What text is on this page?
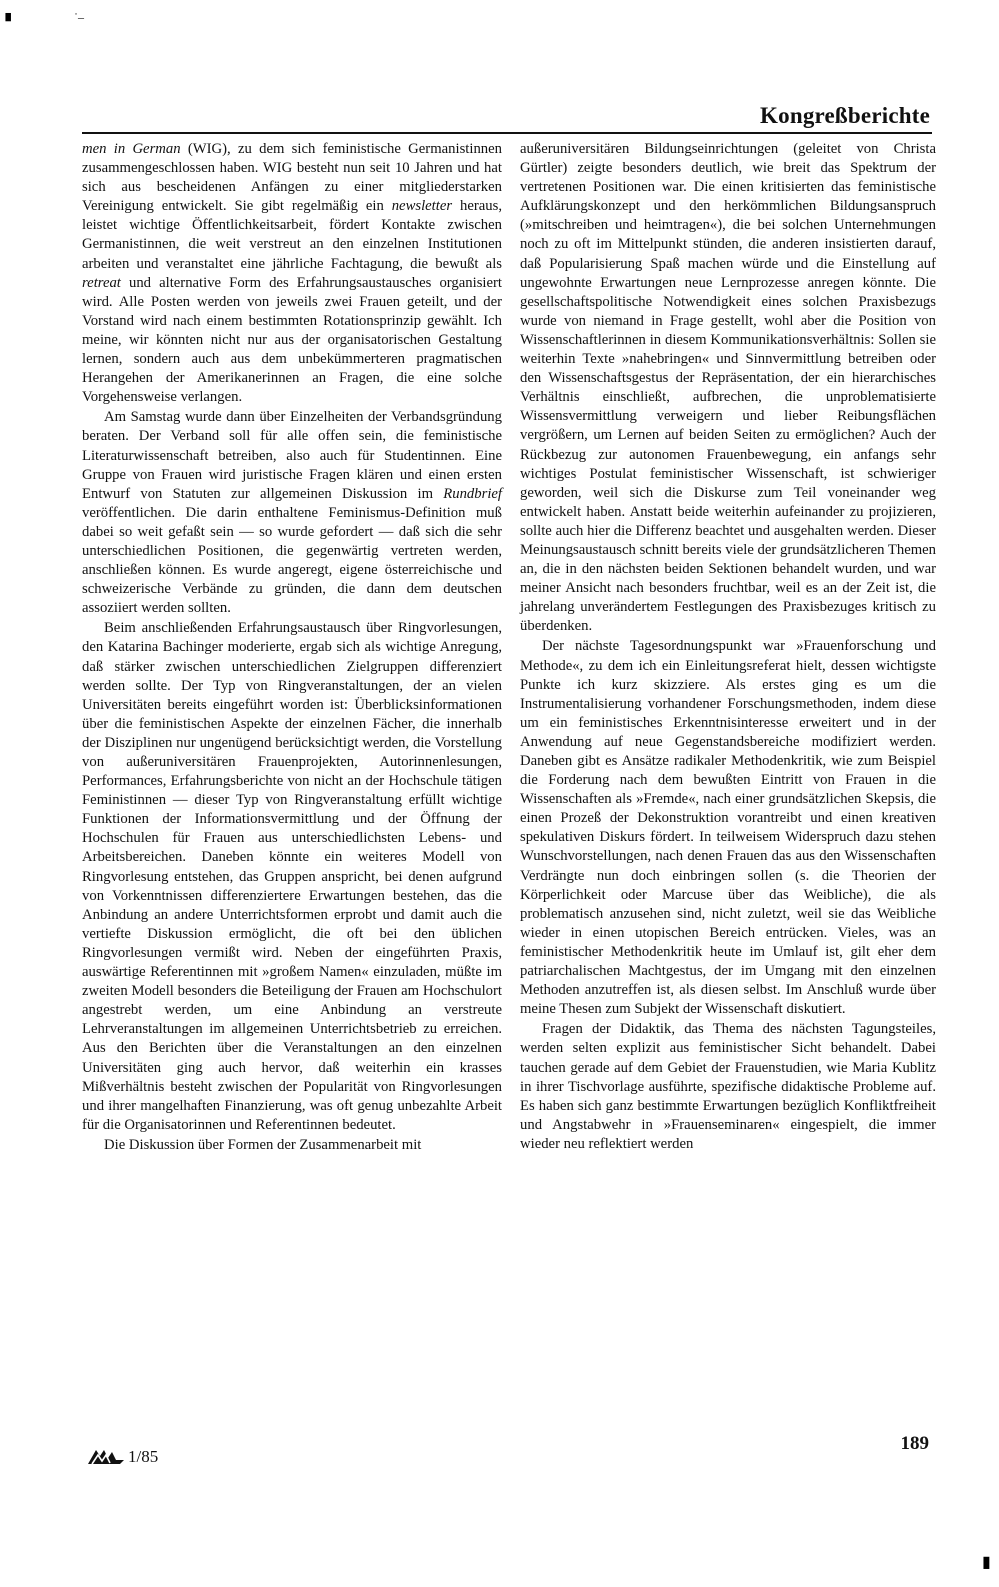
▝	˙–
Kongreßberichte

men in German (WIG), zu dem sich feministische Germanistinnen zusammengeschlossen haben. WIG besteht nun seit 10 Jahren und hat sich aus bescheidenen Anfängen zu einer mitgliederstarken Vereinigung entwickelt. Sie gibt regelmäßig ein newsletter heraus, leistet wichtige Öffentlichkeitsarbeit, fördert Kontakte zwischen Germanistinnen, die weit verstreut an den einzelnen Institutionen arbeiten und veranstaltet eine jährliche Fachtagung, die bewußt als retreat und alternative Form des Erfahrungsaustausches organisiert wird. Alle Posten werden von jeweils zwei Frauen geteilt, und der Vorstand wird nach einem bestimmten Rotationsprinzip gewählt. Ich meine, wir könnten nicht nur aus der organisatorischen Gestaltung lernen, sondern auch aus dem unbekümmerteren pragmatischen Herangehen der Amerikanerinnen an Fragen, die eine solche Vorgehensweise verlangen.

Am Samstag wurde dann über Einzelheiten der Verbandsgründung beraten. Der Verband soll für alle offen sein, die feministische Literaturwissenschaft betreiben, also auch für Studentinnen. Eine Gruppe von Frauen wird juristische Fragen klären und einen ersten Entwurf von Statuten zur allgemeinen Diskussion im Rundbrief veröffentlichen. Die darin enthaltene Feminismus-Definition muß dabei so weit gefaßt sein — so wurde gefordert — daß sich die sehr unterschiedlichen Positionen, die gegenwärtig vertreten werden, anschließen können. Es wurde angeregt, eigene österreichische und schweizerische Verbände zu gründen, die dann dem deutschen assoziiert werden sollten.

Beim anschließenden Erfahrungsaustausch über Ringvorlesungen, den Katarina Bachinger moderierte, ergab sich als wichtige Anregung, daß stärker zwischen unterschiedlichen Zielgruppen differenziert werden sollte. Der Typ von Ringveranstaltungen, der an vielen Universitäten bereits eingeführt worden ist: Überblicksinformationen über die feministischen Aspekte der einzelnen Fächer, die innerhalb der Disziplinen nur ungenügend berücksichtigt werden, die Vorstellung von außeruniversitären Frauenprojekten, Autorinnenlesungen, Performances, Erfahrungsberichte von nicht an der Hochschule tätigen Feministinnen — dieser Typ von Ringveranstaltung erfüllt wichtige Funktionen der Informationsvermittlung und der Öffnung der Hochschulen für Frauen aus unterschiedlichsten Lebens- und Arbeitsbereichen. Daneben könnte ein weiteres Modell von Ringvorlesung entstehen, das Gruppen anspricht, bei denen aufgrund von Vorkenntnissen differenziertere Erwartungen bestehen, das die Anbindung an andere Unterrichtsformen erprobt und damit auch die vertiefte Diskussion ermöglicht, die oft bei den üblichen Ringvorlesungen vermißt wird. Neben der eingeführten Praxis, auswärtige Referentinnen mit »großem Namen« einzuladen, müßte im zweiten Modell besonders die Beteiligung der Frauen am Hochschulort angestrebt werden, um eine Anbindung an verstreute Lehrveranstaltungen im allgemeinen Unterrichtsbetrieb zu erreichen. Aus den Berichten über die Veranstaltungen an den einzelnen Universitäten ging auch hervor, daß weiterhin ein krasses Mißverhältnis besteht zwischen der Popularität von Ringvorlesungen und ihrer mangelhaften Finanzierung, was oft genug unbezahlte Arbeit für die Organisatorinnen und Referentinnen bedeutet.

Die Diskussion über Formen der Zusammenarbeit mit

außeruniversitären Bildungseinrichtungen (geleitet von Christa Gürtler) zeigte besonders deutlich, wie breit das Spektrum der vertretenen Positionen war. Die einen kritisierten das feministische Aufklärungskonzept und den herkömmlichen Bildungsanspruch (»mitschreiben und heimtragen«), die bei solchen Unternehmungen noch zu oft im Mittelpunkt stünden, die anderen insistierten darauf, daß Popularisierung Spaß machen würde und die Einstellung auf ungewohnte Erwartungen neue Lernprozesse anregen könnte. Die gesellschaftspolitische Notwendigkeit eines solchen Praxisbezugs wurde von niemand in Frage gestellt, wohl aber die Position von Wissenschaftlerinnen in diesem Kommunikationsverhältnis: Sollen sie weiterhin Texte »nahebringen« und Sinnvermittlung betreiben oder den Wissenschaftsgestus der Repräsentation, der ein hierarchisches Verhältnis einschließt, aufbrechen, die unproblematisierte Wissensvermittlung verweigern und lieber Reibungsflächen vergrößern, um Lernen auf beiden Seiten zu ermöglichen? Auch der Rückbezug zur autonomen Frauenbewegung, ein anfangs sehr wichtiges Postulat feministischer Wissenschaft, ist schwieriger geworden, weil sich die Diskurse zum Teil voneinander weg entwickelt haben. Anstatt beide weiterhin aufeinander zu projizieren, sollte auch hier die Differenz beachtet und ausgehalten werden. Dieser Meinungsaustausch schnitt bereits viele der grundsätzlicheren Themen an, die in den nächsten beiden Sektionen behandelt wurden, und war meiner Ansicht nach besonders fruchtbar, weil es an der Zeit ist, die jahrelang unverändertem Festlegungen des Praxisbezuges kritisch zu überdenken.

Der nächste Tagesordnungspunkt war »Frauenforschung und Methode«, zu dem ich ein Einleitungsreferat hielt, dessen wichtigste Punkte ich kurz skizziere. Als erstes ging es um die Instrumentalisierung vorhandener Forschungsmethoden, indem diese um ein feministisches Erkenntnisinteresse erweitert und in der Anwendung auf neue Gegenstandsbereiche modifiziert werden. Daneben gibt es Ansätze radikaler Methodenkritik, wie zum Beispiel die Forderung nach dem bewußten Eintritt von Frauen in die Wissenschaften als »Fremde«, nach einer grundsätzlichen Skepsis, die einen Prozeß der Dekonstruktion vorantreibt und einen kreativen spekulativen Diskurs fördert. In teilweisem Widerspruch dazu stehen Wunschvorstellungen, nach denen Frauen das aus den Wissenschaften Verdrängte nun doch einbringen sollen (s. die Theorien der Körperlichkeit oder Marcuse über das Weibliche), die als problematisch anzusehen sind, nicht zuletzt, weil sie das Weibliche wieder in einen utopischen Bereich entrücken. Vieles, was an feministischer Methodenkritik heute im Umlauf ist, gilt eher dem patriarchalischen Machtgestus, der im Umgang mit den einzelnen Methoden anzutreffen ist, als diesen selbst. Im Anschluß wurde über meine Thesen zum Subjekt der Wissenschaft diskutiert.

Fragen der Didaktik, das Thema des nächsten Tagungsteiles, werden selten explizit aus feministischer Sicht behandelt. Dabei tauchen gerade auf dem Gebiet der Frauenstudien, wie Maria Kublitz in ihrer Tischvorlage ausführte, spezifische didaktische Probleme auf. Es haben sich ganz bestimmte Erwartungen bezüglich Konfliktfreiheit und Angstabwehr in »Frauenseminaren« eingespielt, die immer wieder neu reflektiert werden

1/85
189
▮
